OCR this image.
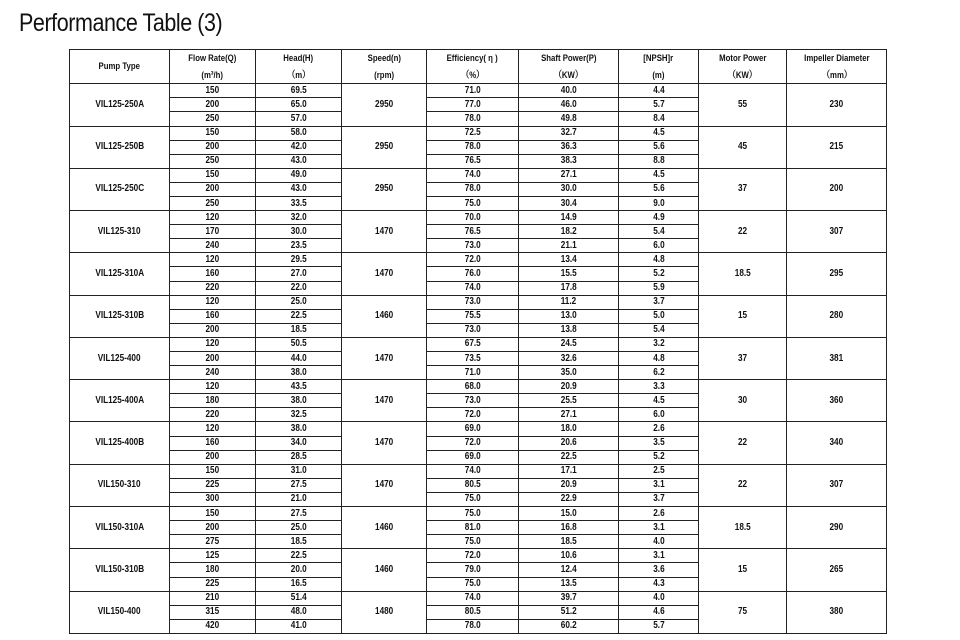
Performance Table (3)
Pump Type	Flow Rate(Q)	Head(H)	Speed(n)	Efficiency( η )	Shaft Power(P)	[NPSH]r	Motor Power	Impeller Diameter
	(m³/h)	（m）	(rpm)	（%）	（KW）	(m)	（KW）	（mm）
VIL125-250A	150	69.5	2950	71.0	40.0	4.4	55	230
	200	65.0		77.0	46.0	5.7		
	250	57.0		78.0	49.8	8.4		
VIL125-250B	150	58.0	2950	72.5	32.7	4.5	45	215
	200	42.0		78.0	36.3	5.6		
	250	43.0		76.5	38.3	8.8		
VIL125-250C	150	49.0	2950	74.0	27.1	4.5	37	200
	200	43.0		78.0	30.0	5.6		
	250	33.5		75.0	30.4	9.0		
VIL125-310	120	32.0	1470	70.0	14.9	4.9	22	307
	170	30.0		76.5	18.2	5.4		
	240	23.5		73.0	21.1	6.0		
VIL125-310A	120	29.5	1470	72.0	13.4	4.8	18.5	295
	160	27.0		76.0	15.5	5.2		
	220	22.0		74.0	17.8	5.9		
VIL125-310B	120	25.0	1460	73.0	11.2	3.7	15	280
	160	22.5		75.5	13.0	5.0		
	200	18.5		73.0	13.8	5.4		
VIL125-400	120	50.5	1470	67.5	24.5	3.2	37	381
	200	44.0		73.5	32.6	4.8		
	240	38.0		71.0	35.0	6.2		
VIL125-400A	120	43.5	1470	68.0	20.9	3.3	30	360
	180	38.0		73.0	25.5	4.5		
	220	32.5		72.0	27.1	6.0		
VIL125-400B	120	38.0	1470	69.0	18.0	2.6	22	340
	160	34.0		72.0	20.6	3.5		
	200	28.5		69.0	22.5	5.2		
VIL150-310	150	31.0	1470	74.0	17.1	2.5	22	307
	225	27.5		80.5	20.9	3.1		
	300	21.0		75.0	22.9	3.7		
VIL150-310A	150	27.5	1460	75.0	15.0	2.6	18.5	290
	200	25.0		81.0	16.8	3.1		
	275	18.5		75.0	18.5	4.0		
VIL150-310B	125	22.5	1460	72.0	10.6	3.1	15	265
	180	20.0		79.0	12.4	3.6		
	225	16.5		75.0	13.5	4.3		
VIL150-400	210	51.4	1480	74.0	39.7	4.0	75	380
	315	48.0		80.5	51.2	4.6		
	420	41.0		78.0	60.2	5.7		
